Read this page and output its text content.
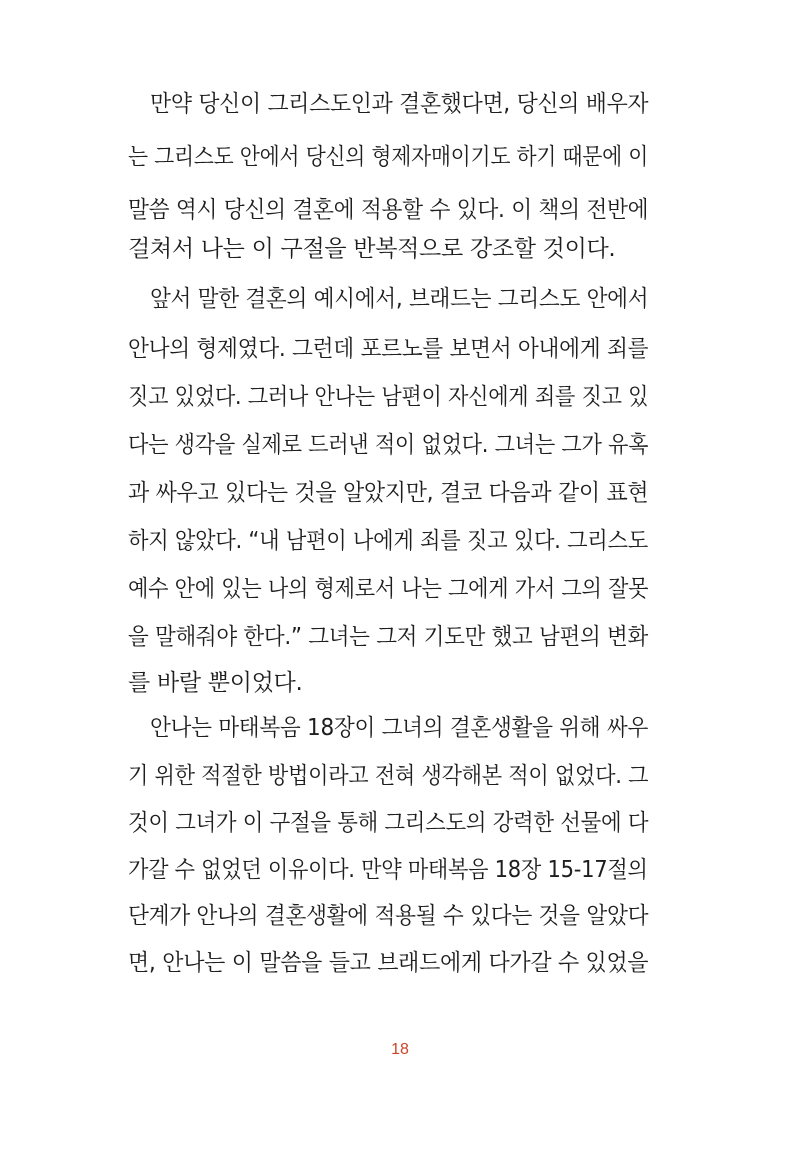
만약 당신이 그리스도인과 결혼했다면, 당신의 배우자
는 그리스도 안에서 당신의 형제자매이기도 하기 때문에 이
말씀 역시 당신의 결혼에 적용할 수 있다. 이 책의 전반에
걸쳐서 나는 이 구절을 반복적으로 강조할 것이다.
앞서 말한 결혼의 예시에서, 브래드는 그리스도 안에서
안나의 형제였다. 그런데 포르노를 보면서 아내에게 죄를
짓고 있었다. 그러나 안나는 남편이 자신에게 죄를 짓고 있
다는 생각을 실제로 드러낸 적이 없었다. 그녀는 그가 유혹
과 싸우고 있다는 것을 알았지만, 결코 다음과 같이 표현
하지 않았다. “내 남편이 나에게 죄를 짓고 있다. 그리스도
예수 안에 있는 나의 형제로서 나는 그에게 가서 그의 잘못
을 말해줘야 한다.” 그녀는 그저 기도만 했고 남편의 변화
를 바랄 뿐이었다.
안나는 마태복음 18장이 그녀의 결혼생활을 위해 싸우
기 위한 적절한 방법이라고 전혀 생각해본 적이 없었다. 그
것이 그녀가 이 구절을 통해 그리스도의 강력한 선물에 다
가갈 수 없었던 이유이다. 만약 마태복음 18장 15-17절의
단계가 안나의 결혼생활에 적용될 수 있다는 것을 알았다
면, 안나는 이 말씀을 들고 브래드에게 다가갈 수 있었을
18
